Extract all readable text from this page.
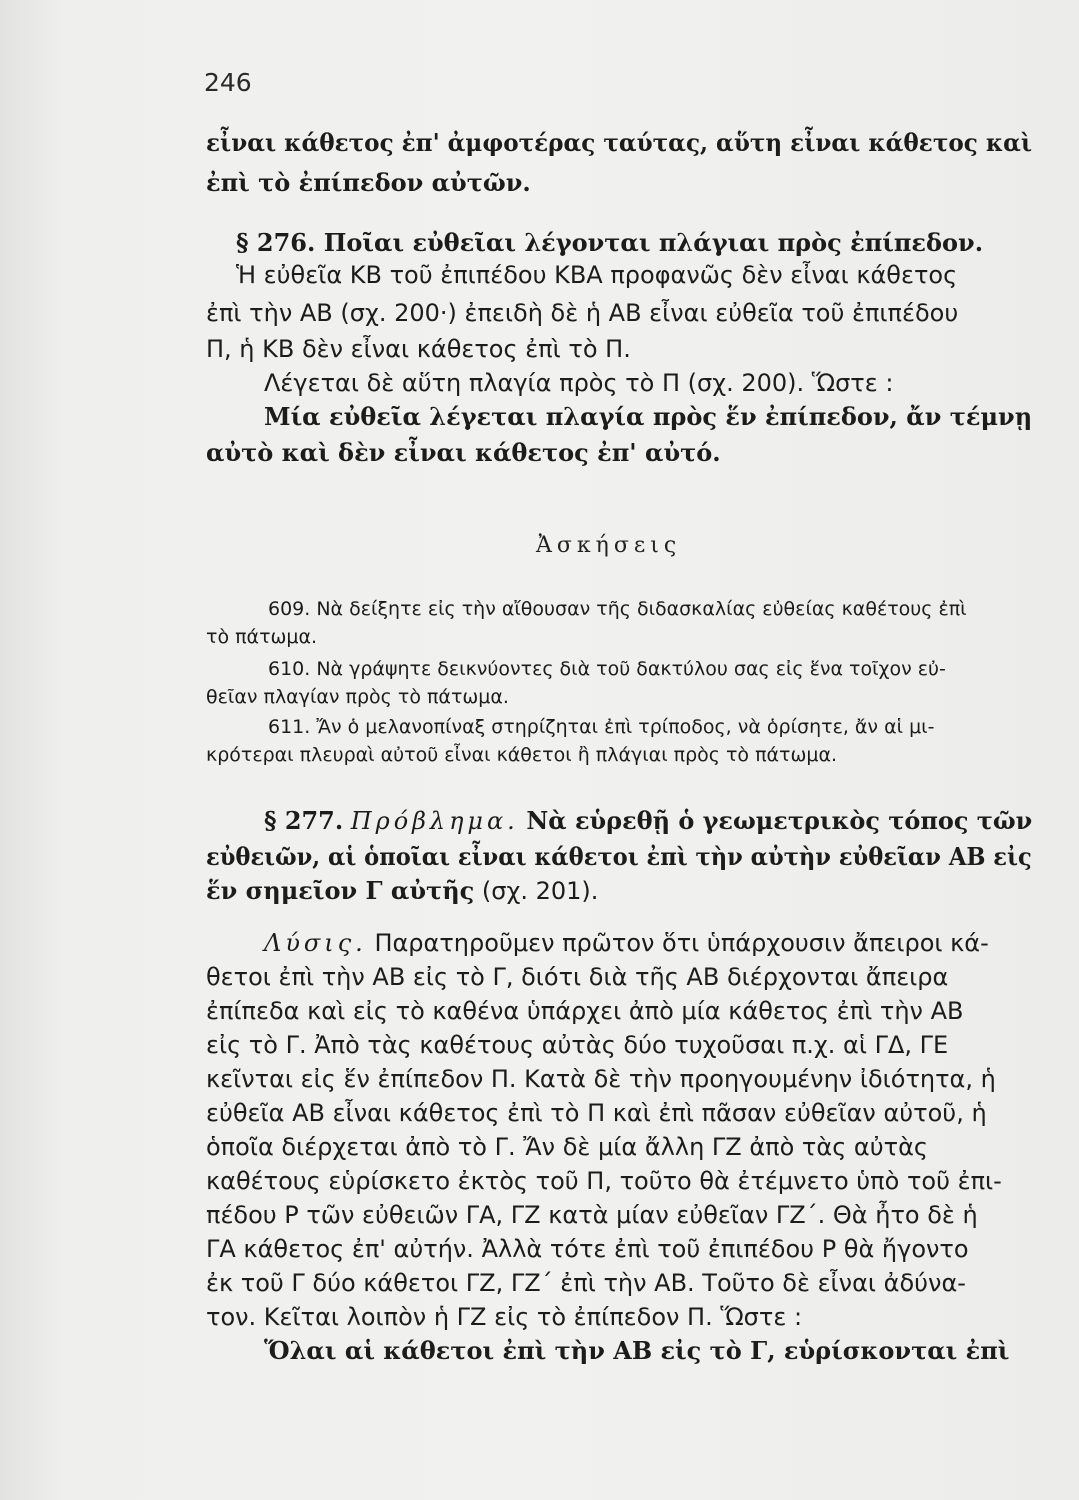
246
εἶναι κάθετος ἐπ' ἀμφοτέρας ταύτας, αὕτη εἶναι κάθετος καὶ
ἐπὶ τὸ ἐπίπεδον αὐτῶν.
§ 276. Ποῖαι εὐθεῖαι λέγονται πλάγιαι πρὸς ἐπίπεδον.
Ἡ εὐθεῖα ΚΒ τοῦ ἐπιπέδου ΚΒΑ προφανῶς δὲν εἶναι κάθετος
ἐπὶ τὴν ΑΒ (σχ. 200·) ἐπειδὴ δὲ ἡ ΑΒ εἶναι εὐθεῖα τοῦ ἐπιπέδου
Π, ἡ ΚΒ δὲν εἶναι κάθετος ἐπὶ τὸ Π.
Λέγεται δὲ αὕτη πλαγία πρὸς τὸ Π (σχ. 200). Ὥστε :
Μία εὐθεῖα λέγεται πλαγία πρὸς ἕν ἐπίπεδον, ἄν τέμνῃ
αὐτὸ καὶ δὲν εἶναι κάθετος ἐπ' αὐτό.
Ἀσκήσεις
609. Νὰ δείξητε εἰς τὴν αἴθουσαν τῆς διδασκαλίας εὐθείας καθέτους ἐπὶ
τὸ πάτωμα.
610. Νὰ γράψητε δεικνύοντες διὰ τοῦ δακτύλου σας εἰς ἕνα τοῖχον εὐ-
θεῖαν πλαγίαν πρὸς τὸ πάτωμα.
611. Ἄν ὁ μελανοπίναξ στηρίζηται ἐπὶ τρίποδος, νὰ ὁρίσητε, ἄν αἱ μι-
κρότεραι πλευραὶ αὐτοῦ εἶναι κάθετοι ἢ πλάγιαι πρὸς τὸ πάτωμα.
§ 277. Πρόβλημα. Νὰ εὑρεθῇ ὁ γεωμετρικὸς τόπος τῶν
εὐθειῶν, αἱ ὁποῖαι εἶναι κάθετοι ἐπὶ τὴν αὐτὴν εὐθεῖαν ΑΒ εἰς
ἕν σημεῖον Γ αὐτῆς (σχ. 201).
Λύσις. Παρατηροῦμεν πρῶτον ὅτι ὑπάρχουσιν ἄπειροι κά-
θετοι ἐπὶ τὴν ΑΒ εἰς τὸ Γ, διότι διὰ τῆς ΑΒ διέρχονται ἄπειρα
ἐπίπεδα καὶ εἰς τὸ καθένα ὑπάρχει ἀπὸ μία κάθετος ἐπὶ τὴν ΑΒ
εἰς τὸ Γ. Ἀπὸ τὰς καθέτους αὐτὰς δύο τυχοῦσαι π.χ. αἱ ΓΔ, ΓΕ
κεῖνται εἰς ἕν ἐπίπεδον Π. Κατὰ δὲ τὴν προηγουμένην ἰδιότητα, ἡ
εὐθεῖα ΑΒ εἶναι κάθετος ἐπὶ τὸ Π καὶ ἐπὶ πᾶσαν εὐθεῖαν αὐτοῦ, ἡ
ὁποῖα διέρχεται ἀπὸ τὸ Γ. Ἄν δὲ μία ἄλλη ΓΖ ἀπὸ τὰς αὐτὰς
καθέτους εὑρίσκετο ἐκτὸς τοῦ Π, τοῦτο θὰ ἐτέμνετο ὑπὸ τοῦ ἐπι-
πέδου Ρ τῶν εὐθειῶν ΓΑ, ΓΖ κατὰ μίαν εὐθεῖαν ΓΖ΄. Θὰ ἦτο δὲ ἡ
ΓΑ κάθετος ἐπ' αὐτήν. Ἀλλὰ τότε ἐπὶ τοῦ ἐπιπέδου Ρ θὰ ἤγοντο
ἐκ τοῦ Γ δύο κάθετοι ΓΖ, ΓΖ΄ ἐπὶ τὴν ΑΒ. Τοῦτο δὲ εἶναι ἀδύνα-
τον. Κεῖται λοιπὸν ἡ ΓΖ εἰς τὸ ἐπίπεδον Π. Ὥστε :
Ὅλαι αἱ κάθετοι ἐπὶ τὴν ΑΒ εἰς τὸ Γ, εὑρίσκονται ἐπὶ
